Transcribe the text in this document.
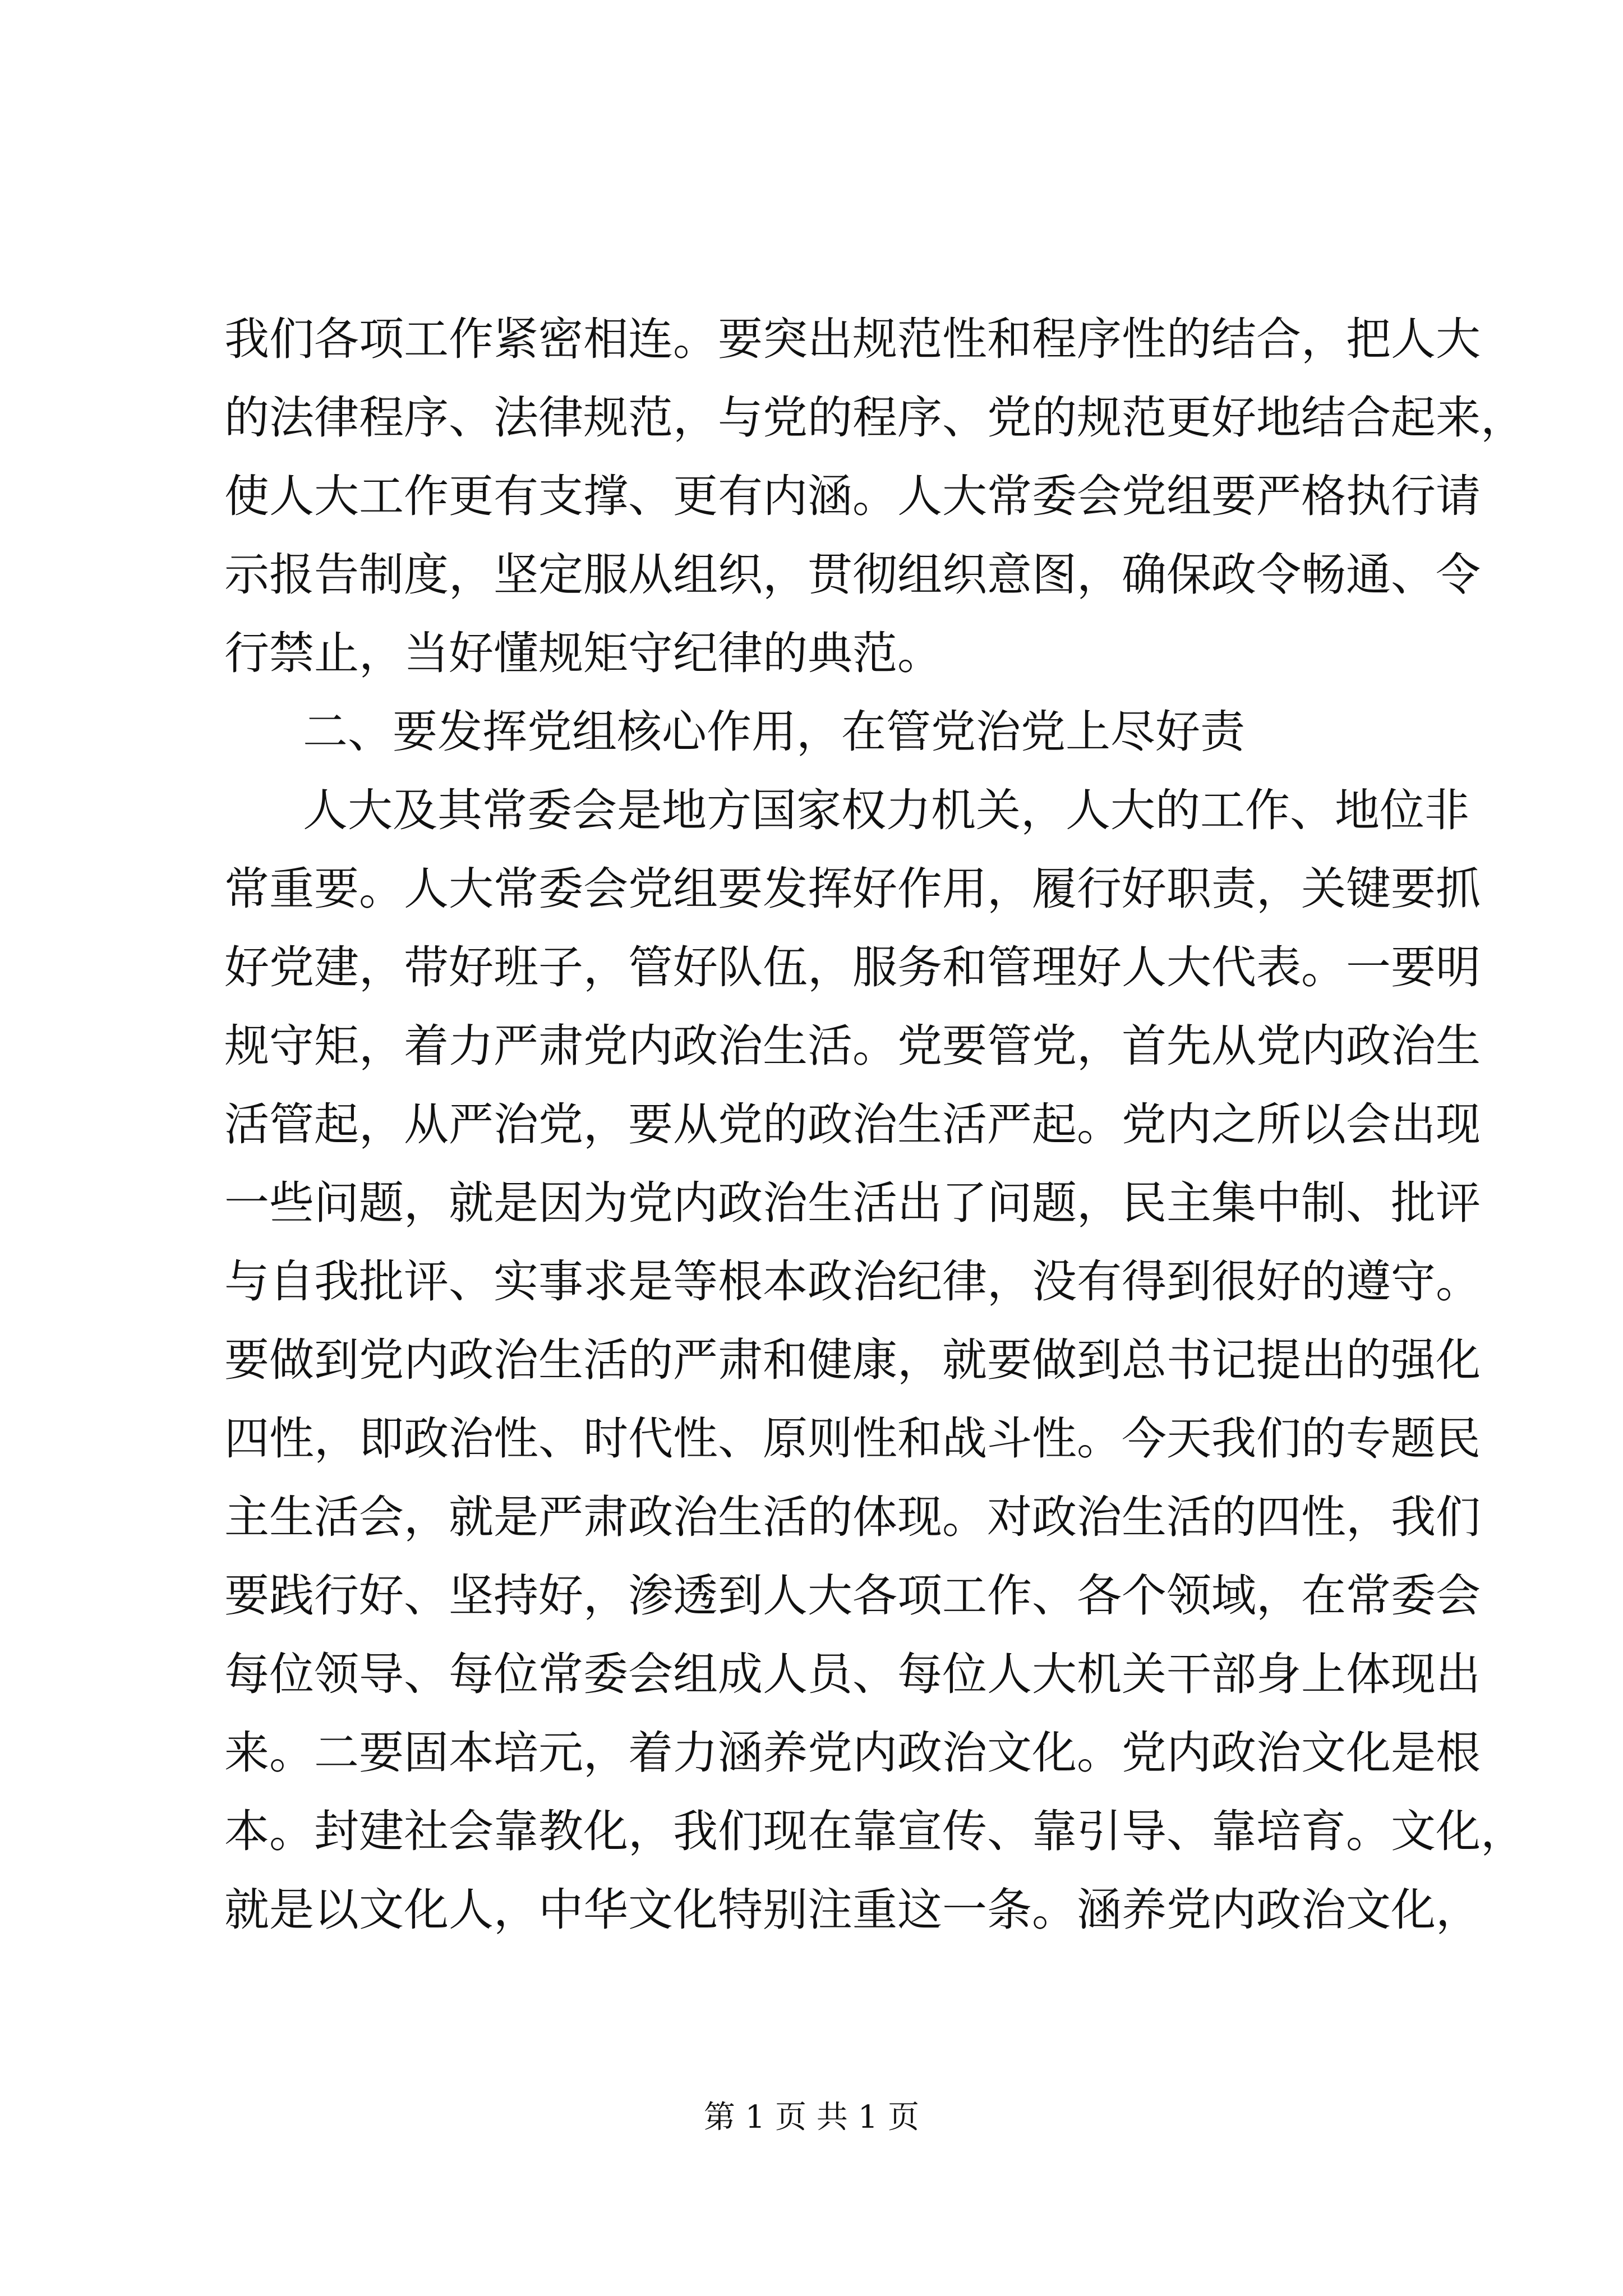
我们各项工作紧密相连。要突出规范性和程序性的结合，把人大
的法律程序、法律规范，与党的程序、党的规范更好地结合起来，
使人大工作更有支撑、更有内涵。人大常委会党组要严格执行请
示报告制度，坚定服从组织，贯彻组织意图，确保政令畅通、令
行禁止，当好懂规矩守纪律的典范。
二、要发挥党组核心作用，在管党治党上尽好责
人大及其常委会是地方国家权力机关，人大的工作、地位非
常重要。人大常委会党组要发挥好作用，履行好职责，关键要抓
好党建，带好班子，管好队伍，服务和管理好人大代表。一要明
规守矩，着力严肃党内政治生活。党要管党，首先从党内政治生
活管起，从严治党，要从党的政治生活严起。党内之所以会出现
一些问题，就是因为党内政治生活出了问题，民主集中制、批评
与自我批评、实事求是等根本政治纪律，没有得到很好的遵守。
要做到党内政治生活的严肃和健康，就要做到总书记提出的强化
四性，即政治性、时代性、原则性和战斗性。今天我们的专题民
主生活会，就是严肃政治生活的体现。对政治生活的四性，我们
要践行好、坚持好，渗透到人大各项工作、各个领域，在常委会
每位领导、每位常委会组成人员、每位人大机关干部身上体现出
来。二要固本培元，着力涵养党内政治文化。党内政治文化是根
本。封建社会靠教化，我们现在靠宣传、靠引导、靠培育。文化，
就是以文化人，中华文化特别注重这一条。涵养党内政治文化，
第 1 页 共 1 页
